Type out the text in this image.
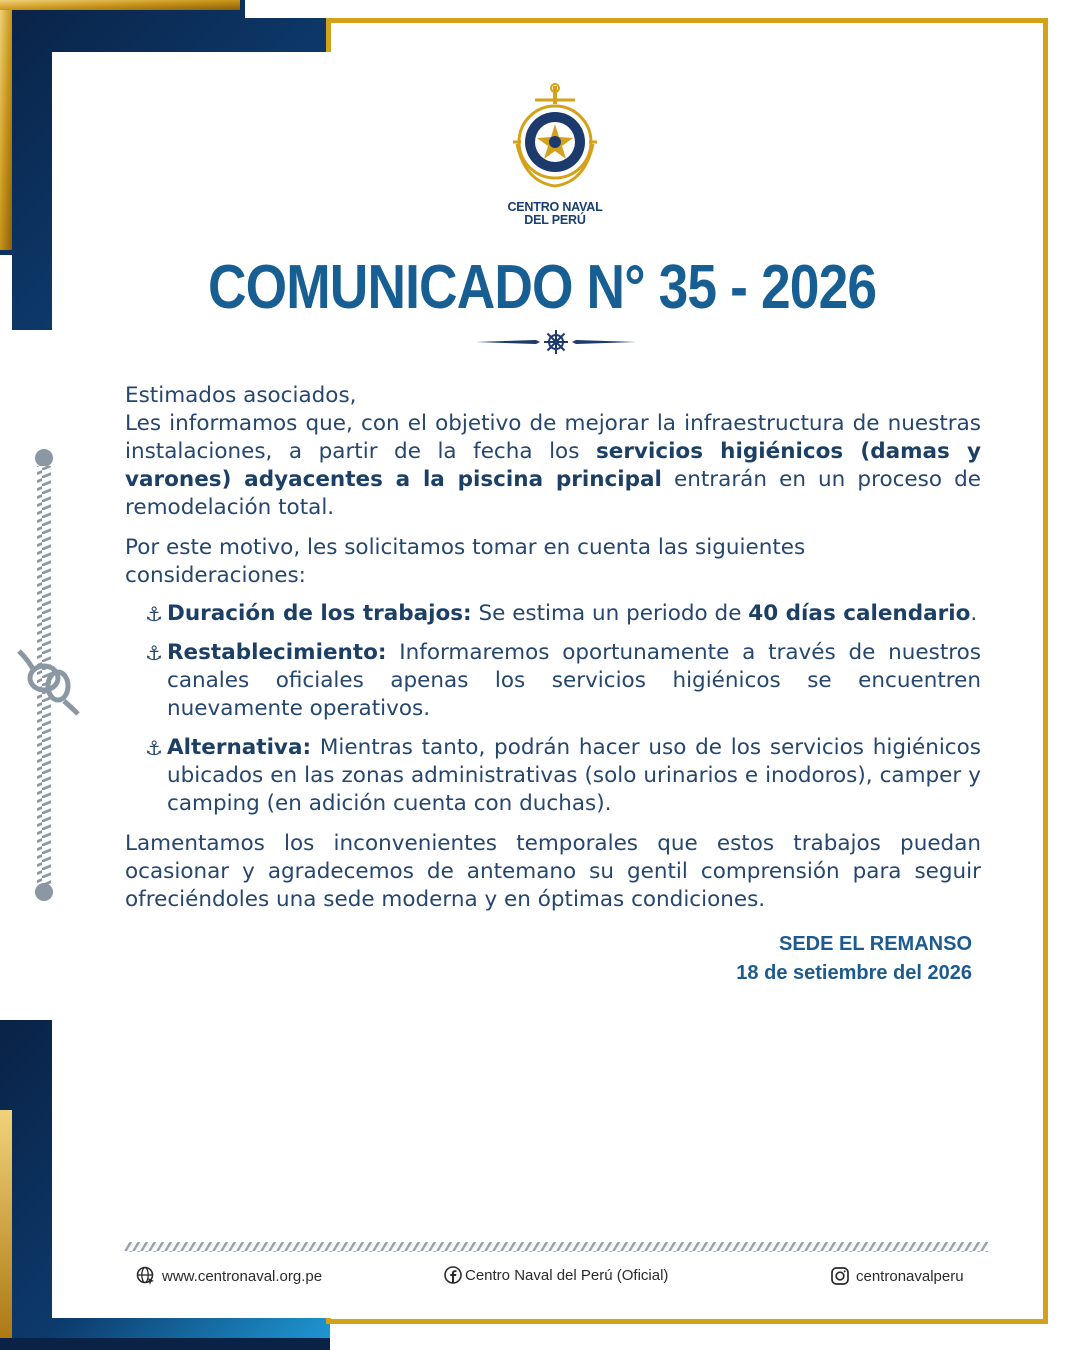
CENTRO NAVAL
DEL PERÚ
COMUNICADO N° 35 - 2026

Estimados asociados,

Les informamos que, con el objetivo de mejorar la infraestructura de nuestras instalaciones, a partir de la fecha los servicios higiénicos (damas y varones) adyacentes a la piscina principal entrarán en un proceso de remodelación total.

Por este motivo, les solicitamos tomar en cuenta las siguientes consideraciones:

⚓ Duración de los trabajos: Se estima un periodo de 40 días calendario.
⚓ Restablecimiento: Informaremos oportunamente a través de nuestros canales oficiales apenas los servicios higiénicos se encuentren nuevamente operativos.
⚓ Alternativa: Mientras tanto, podrán hacer uso de los servicios higiénicos ubicados en las zonas administrativas (solo urinarios e inodoros), camper y camping (en adición cuenta con duchas).

Lamentamos los inconvenientes temporales que estos trabajos puedan ocasionar y agradecemos de antemano su gentil comprensión para seguir ofreciéndoles una sede moderna y en óptimas condiciones.

SEDE EL REMANSO
18 de setiembre del 2026
www.centronaval.org.pe	Centro Naval del Perú (Oficial)	centronavalperu
